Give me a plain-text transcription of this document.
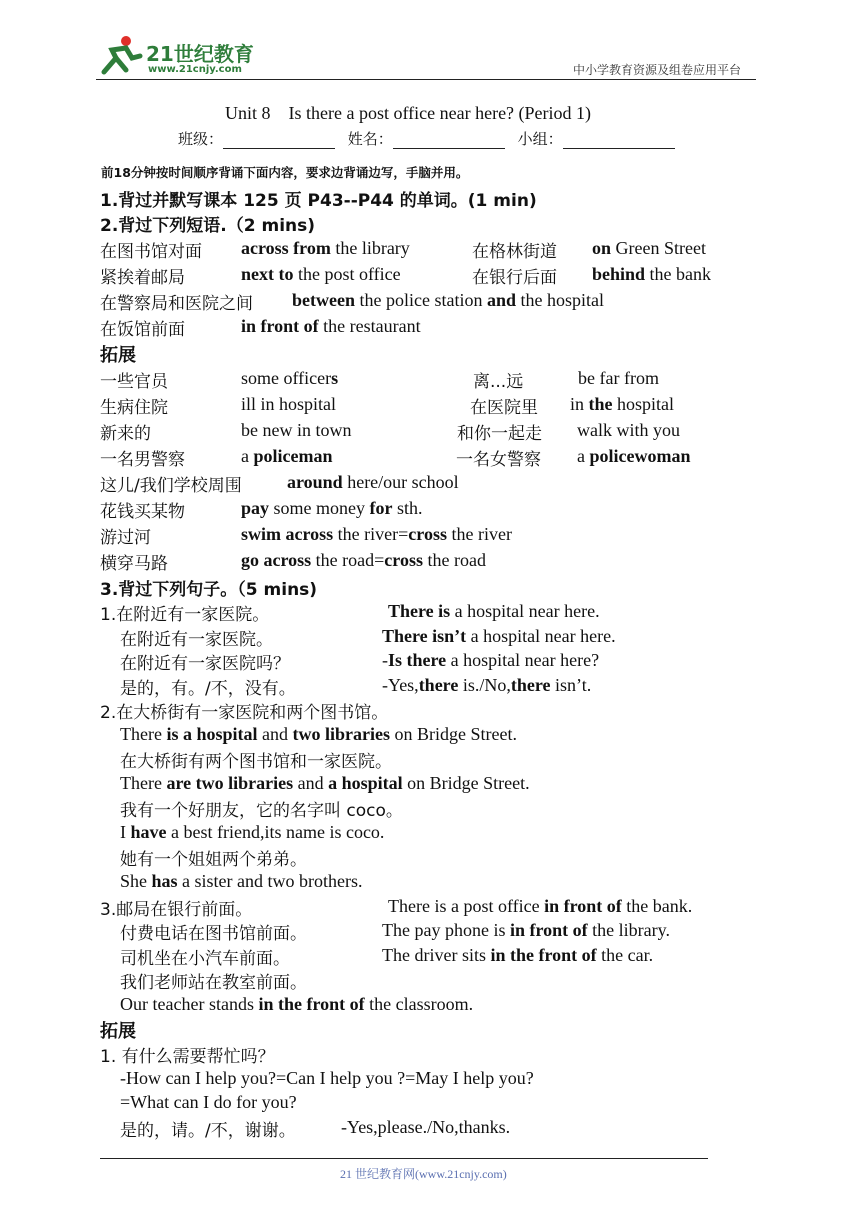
21世纪教育
www.21cnjy.com	中小学教育资源及组卷应用平台
Unit 8    Is there a post office near here? (Period 1)
班级：	姓名：	小组：
前18分钟按时间顺序背诵下面内容，要求边背诵边写，手脑并用。
1.背过并默写课本 125 页 P43--P44 的单词。(1 min)
2.背过下列短语.（2 mins)
在图书馆对面 across from the library	在格林街道 on Green Street
紧挨着邮局	next to the post office	在银行后面 behind the bank
在警察局和医院之间 between the police station and the hospital
在饭馆前面	in front of the restaurant
拓展
一些官员	some officers	离...远	be far from
生病住院	ill in hospital	在医院里 in the hospital
新来的	be new in town	和你一起走 walk with you
一名男警察	a policeman	一名女警察 a policewoman
这儿/我们学校周围	around here/our school
花钱买某物	pay some money for sth.
游过河	swim across the river=cross the river
横穿马路	go across the road=cross the road
3.背过下列句子。（5 mins)
1.在附近有一家医院。	There is a hospital near here.
在附近有一家医院。	There isn’t a hospital near here.
在附近有一家医院吗？	-Is there a hospital near here?
是的，有。/不，没有。	-Yes,there is./No,there isn’t.
2.在大桥街有一家医院和两个图书馆。
There is a hospital and two libraries on Bridge Street.
在大桥街有两个图书馆和一家医院。
There are two libraries and a hospital on Bridge Street.
我有一个好朋友，它的名字叫 coco。
I have a best friend,its name is coco.
她有一个姐姐两个弟弟。
She has a sister and two brothers.
3.邮局在银行前面。	There is a post office in front of the bank.
付费电话在图书馆前面。	The pay phone is in front of the library.
司机坐在小汽车前面。	The driver sits in the front of the car.
我们老师站在教室前面。
Our teacher stands in the front of the classroom.
拓展
1. 有什么需要帮忙吗？
-How can I help you?=Can I help you ?=May I help you?
=What can I do for you?
是的，请。/不，谢谢。	-Yes,please./No,thanks.
21 世纪教育网(www.21cnjy.com)
